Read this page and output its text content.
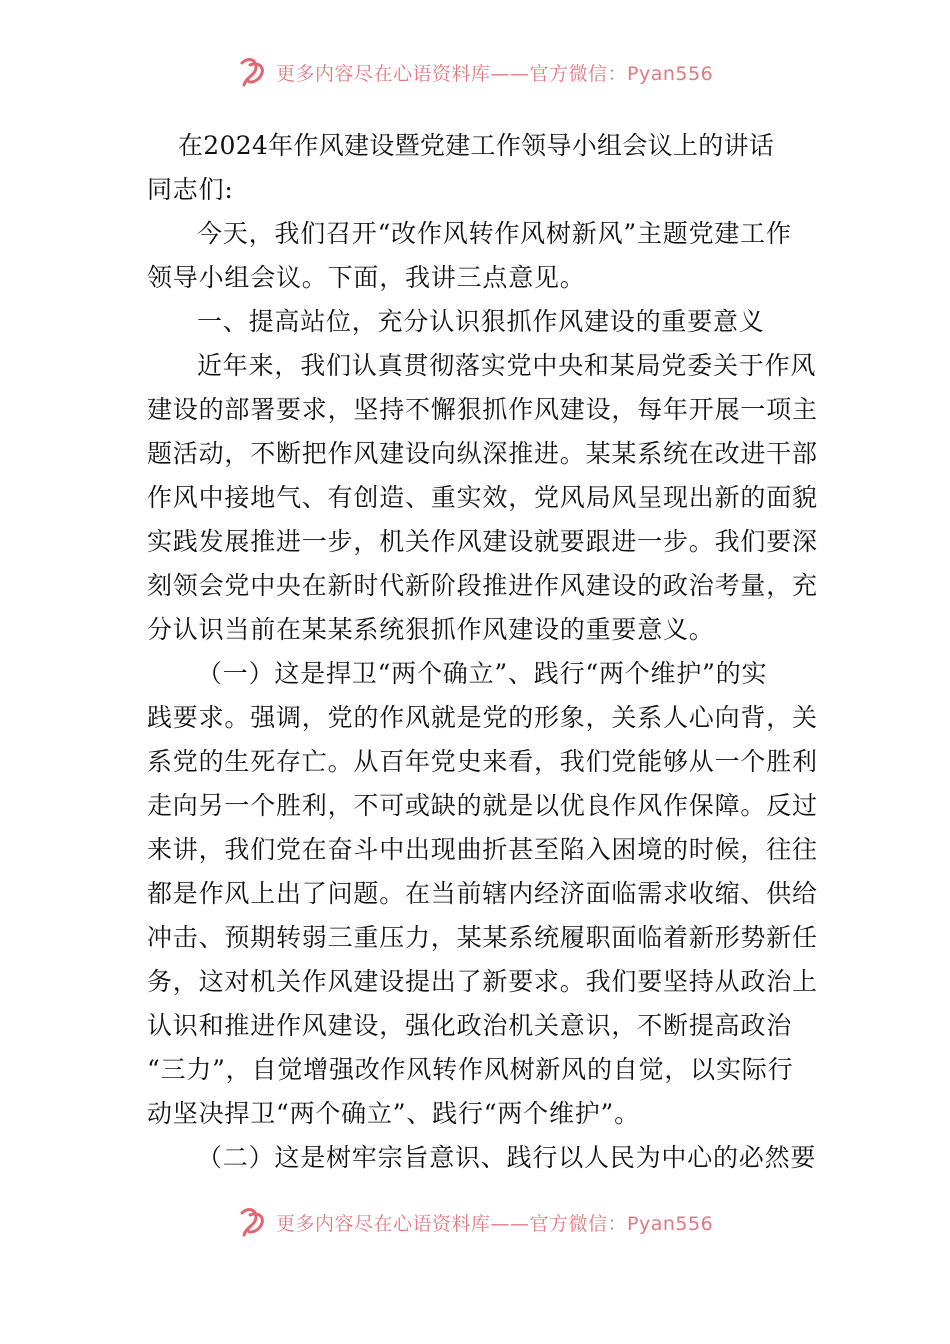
更多内容尽在心语资料库——官方微信：Pyan556
在2024年作风建设暨党建工作领导小组会议上的讲话
同志们:
今天，我们召开“改作风转作风树新风”主题党建工作
领导小组会议。下面，我讲三点意见。
一、提高站位，充分认识狠抓作风建设的重要意义
近年来，我们认真贯彻落实党中央和某局党委关于作风
建设的部署要求，坚持不懈狠抓作风建设，每年开展一项主
题活动，不断把作风建设向纵深推进。某某系统在改进干部
作风中接地气、有创造、重实效，党风局风呈现出新的面貌
实践发展推进一步，机关作风建设就要跟进一步。我们要深
刻领会党中央在新时代新阶段推进作风建设的政治考量，充
分认识当前在某某系统狠抓作风建设的重要意义。
（一）这是捍卫“两个确立”、践行“两个维护”的实
践要求。强调，党的作风就是党的形象，关系人心向背，关
系党的生死存亡。从百年党史来看，我们党能够从一个胜利
走向另一个胜利，不可或缺的就是以优良作风作保障。反过
来讲，我们党在奋斗中出现曲折甚至陷入困境的时候，往往
都是作风上出了问题。在当前辖内经济面临需求收缩、供给
冲击、预期转弱三重压力，某某系统履职面临着新形势新任
务，这对机关作风建设提出了新要求。我们要坚持从政治上
认识和推进作风建设，强化政治机关意识，不断提高政治
“三力”，自觉增强改作风转作风树新风的自觉，以实际行
动坚决捍卫“两个确立”、践行“两个维护”。
（二）这是树牢宗旨意识、践行以人民为中心的必然要
更多内容尽在心语资料库——官方微信：Pyan556
